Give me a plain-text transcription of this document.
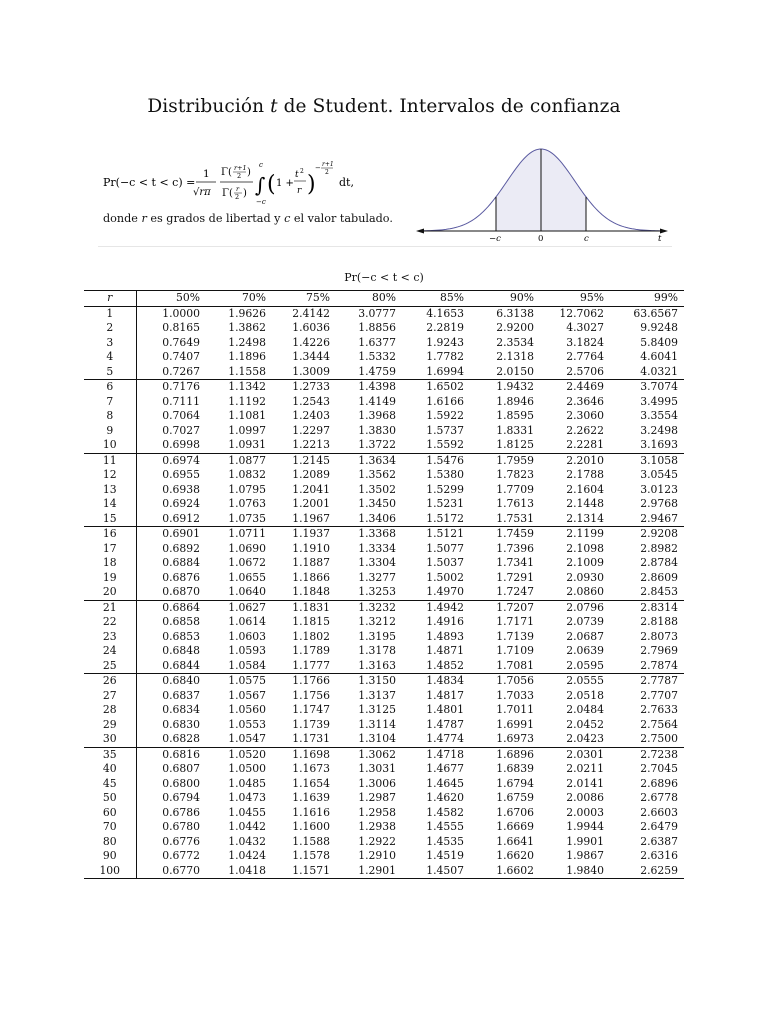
Distribución t de Student. Intervalos de confianza
Pr(−c < t < c) =
1
√rπ
Γ( r+1
2 )
Γ( r
2 )
c
∫
−c
( 1 +
t 2
r )
− r+1
2
dt,
donde r es grados de libertad y c el valor tabulado.
−c	0	c	t
Pr(−c < t < c)
r	50%	70%	75%	80%	85%	90%	95%	99%
1	1.0000	1.9626	2.4142	3.0777	4.1653	6.3138	12.7062	63.6567
2	0.8165	1.3862	1.6036	1.8856	2.2819	2.9200	4.3027	9.9248
3	0.7649	1.2498	1.4226	1.6377	1.9243	2.3534	3.1824	5.8409
4	0.7407	1.1896	1.3444	1.5332	1.7782	2.1318	2.7764	4.6041
5	0.7267	1.1558	1.3009	1.4759	1.6994	2.0150	2.5706	4.0321
6	0.7176	1.1342	1.2733	1.4398	1.6502	1.9432	2.4469	3.7074
7	0.7111	1.1192	1.2543	1.4149	1.6166	1.8946	2.3646	3.4995
8	0.7064	1.1081	1.2403	1.3968	1.5922	1.8595	2.3060	3.3554
9	0.7027	1.0997	1.2297	1.3830	1.5737	1.8331	2.2622	3.2498
10	0.6998	1.0931	1.2213	1.3722	1.5592	1.8125	2.2281	3.1693
11	0.6974	1.0877	1.2145	1.3634	1.5476	1.7959	2.2010	3.1058
12	0.6955	1.0832	1.2089	1.3562	1.5380	1.7823	2.1788	3.0545
13	0.6938	1.0795	1.2041	1.3502	1.5299	1.7709	2.1604	3.0123
14	0.6924	1.0763	1.2001	1.3450	1.5231	1.7613	2.1448	2.9768
15	0.6912	1.0735	1.1967	1.3406	1.5172	1.7531	2.1314	2.9467
16	0.6901	1.0711	1.1937	1.3368	1.5121	1.7459	2.1199	2.9208
17	0.6892	1.0690	1.1910	1.3334	1.5077	1.7396	2.1098	2.8982
18	0.6884	1.0672	1.1887	1.3304	1.5037	1.7341	2.1009	2.8784
19	0.6876	1.0655	1.1866	1.3277	1.5002	1.7291	2.0930	2.8609
20	0.6870	1.0640	1.1848	1.3253	1.4970	1.7247	2.0860	2.8453
21	0.6864	1.0627	1.1831	1.3232	1.4942	1.7207	2.0796	2.8314
22	0.6858	1.0614	1.1815	1.3212	1.4916	1.7171	2.0739	2.8188
23	0.6853	1.0603	1.1802	1.3195	1.4893	1.7139	2.0687	2.8073
24	0.6848	1.0593	1.1789	1.3178	1.4871	1.7109	2.0639	2.7969
25	0.6844	1.0584	1.1777	1.3163	1.4852	1.7081	2.0595	2.7874
26	0.6840	1.0575	1.1766	1.3150	1.4834	1.7056	2.0555	2.7787
27	0.6837	1.0567	1.1756	1.3137	1.4817	1.7033	2.0518	2.7707
28	0.6834	1.0560	1.1747	1.3125	1.4801	1.7011	2.0484	2.7633
29	0.6830	1.0553	1.1739	1.3114	1.4787	1.6991	2.0452	2.7564
30	0.6828	1.0547	1.1731	1.3104	1.4774	1.6973	2.0423	2.7500
35	0.6816	1.0520	1.1698	1.3062	1.4718	1.6896	2.0301	2.7238
40	0.6807	1.0500	1.1673	1.3031	1.4677	1.6839	2.0211	2.7045
45	0.6800	1.0485	1.1654	1.3006	1.4645	1.6794	2.0141	2.6896
50	0.6794	1.0473	1.1639	1.2987	1.4620	1.6759	2.0086	2.6778
60	0.6786	1.0455	1.1616	1.2958	1.4582	1.6706	2.0003	2.6603
70	0.6780	1.0442	1.1600	1.2938	1.4555	1.6669	1.9944	2.6479
80	0.6776	1.0432	1.1588	1.2922	1.4535	1.6641	1.9901	2.6387
90	0.6772	1.0424	1.1578	1.2910	1.4519	1.6620	1.9867	2.6316
100	0.6770	1.0418	1.1571	1.2901	1.4507	1.6602	1.9840	2.6259
